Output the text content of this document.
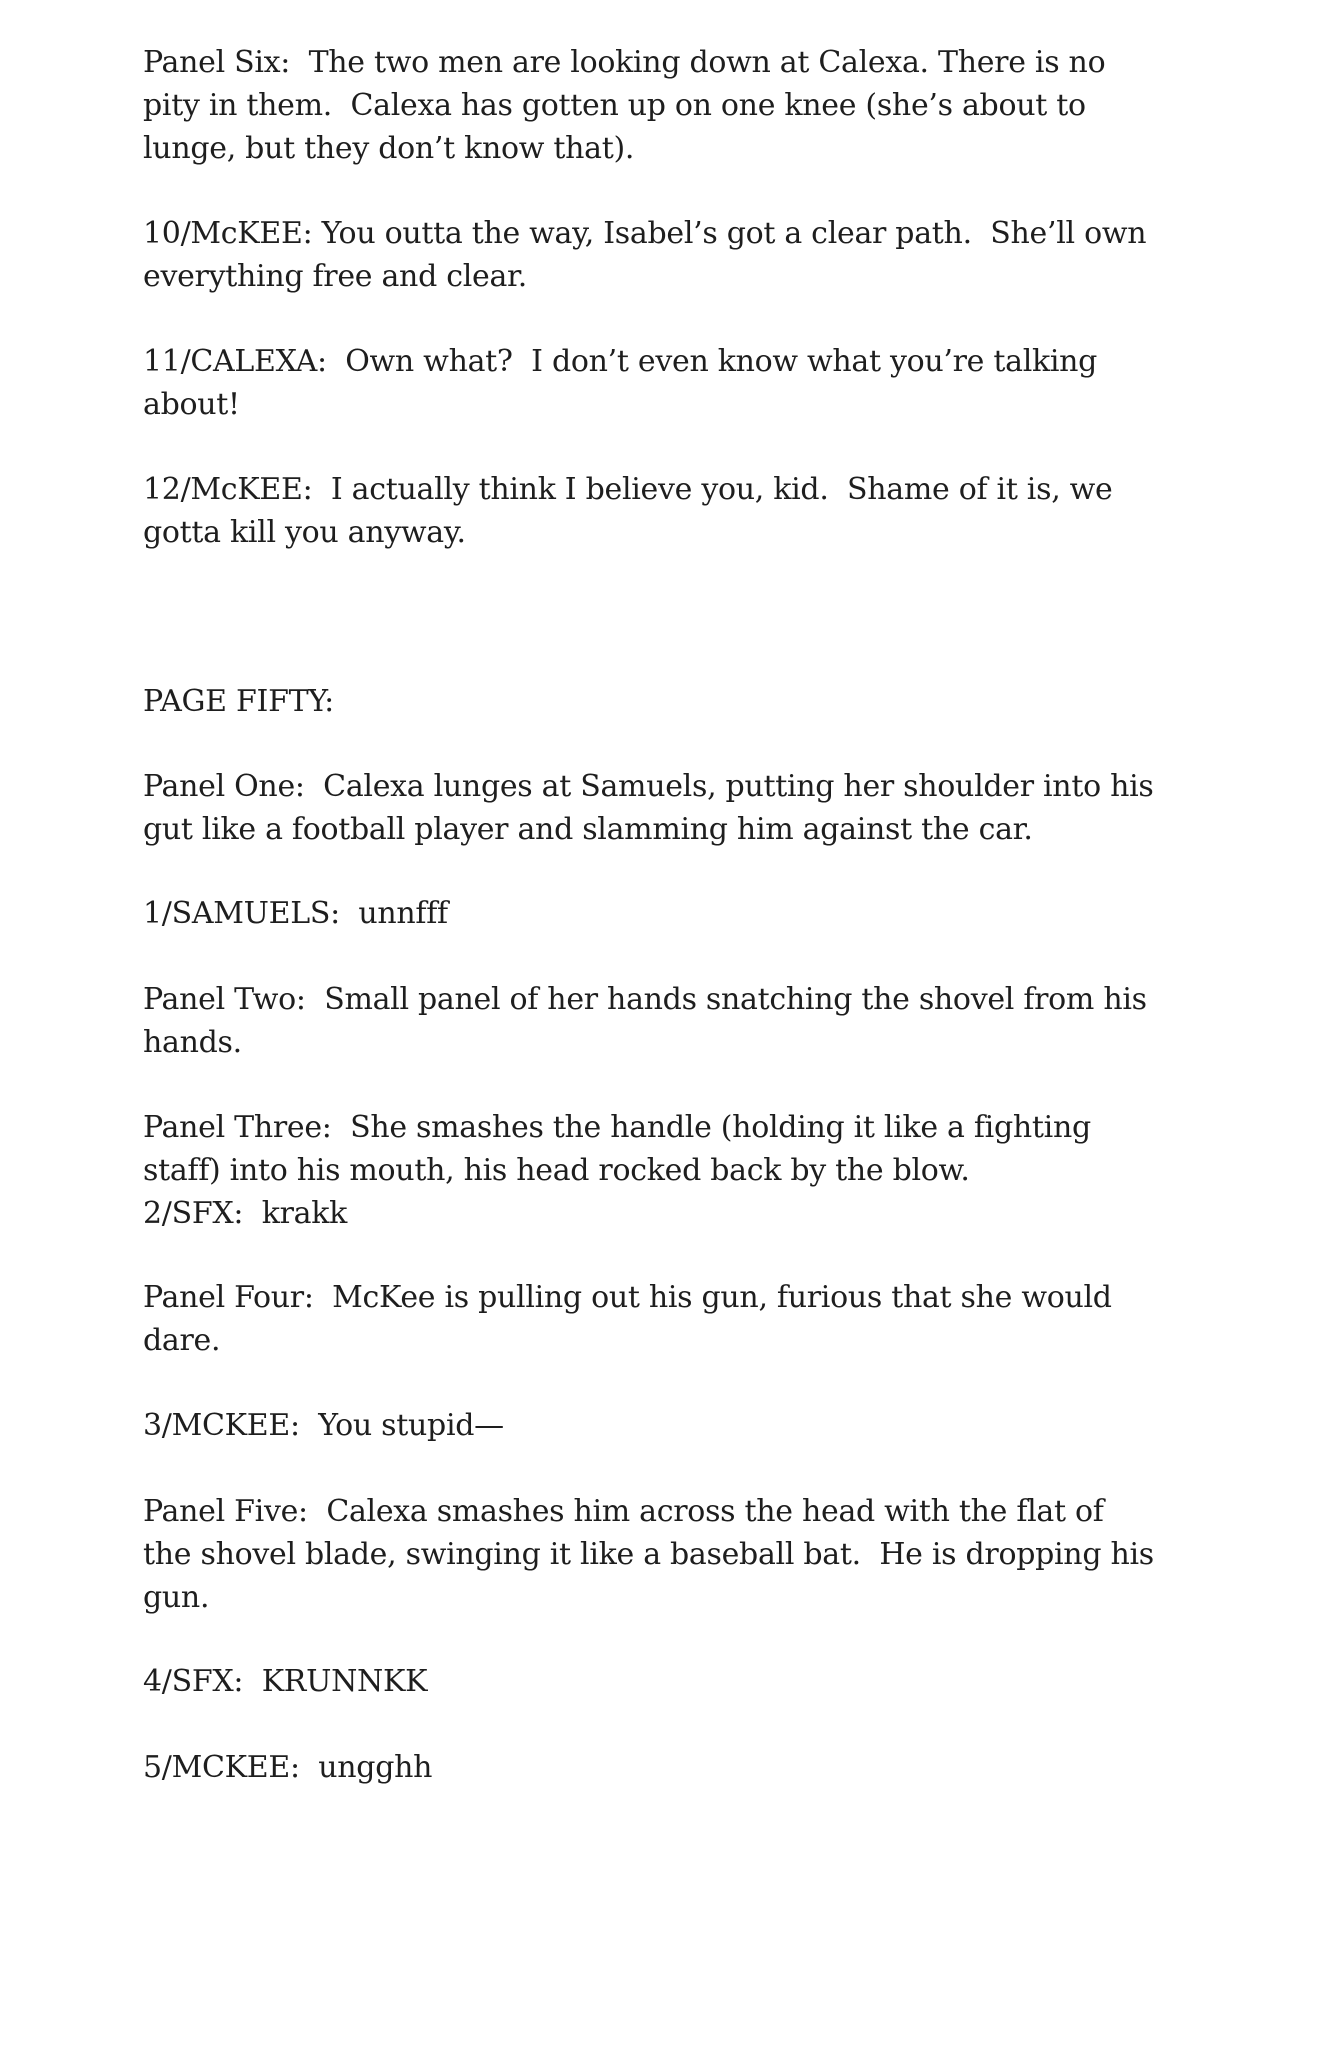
Panel Six:  The two men are looking down at Calexa. There is no

pity in them.  Calexa has gotten up on one knee (she’s about to

lunge, but they don’t know that).

10/McKEE: You outta the way, Isabel’s got a clear path.  She’ll own

everything free and clear.

11/CALEXA:  Own what?  I don’t even know what you’re talking

about!

12/McKEE:  I actually think I believe you, kid.  Shame of it is, we

gotta kill you anyway.

PAGE FIFTY:

Panel One:  Calexa lunges at Samuels, putting her shoulder into his

gut like a football player and slamming him against the car.

1/SAMUELS:  unnfff

Panel Two:  Small panel of her hands snatching the shovel from his

hands.

Panel Three:  She smashes the handle (holding it like a fighting

staff) into his mouth, his head rocked back by the blow.

2/SFX:  krakk

Panel Four:  McKee is pulling out his gun, furious that she would

dare.

3/MCKEE:  You stupid—

Panel Five:  Calexa smashes him across the head with the flat of

the shovel blade, swinging it like a baseball bat.  He is dropping his

gun.

4/SFX:  KRUNNKK

5/MCKEE:  ungghh
